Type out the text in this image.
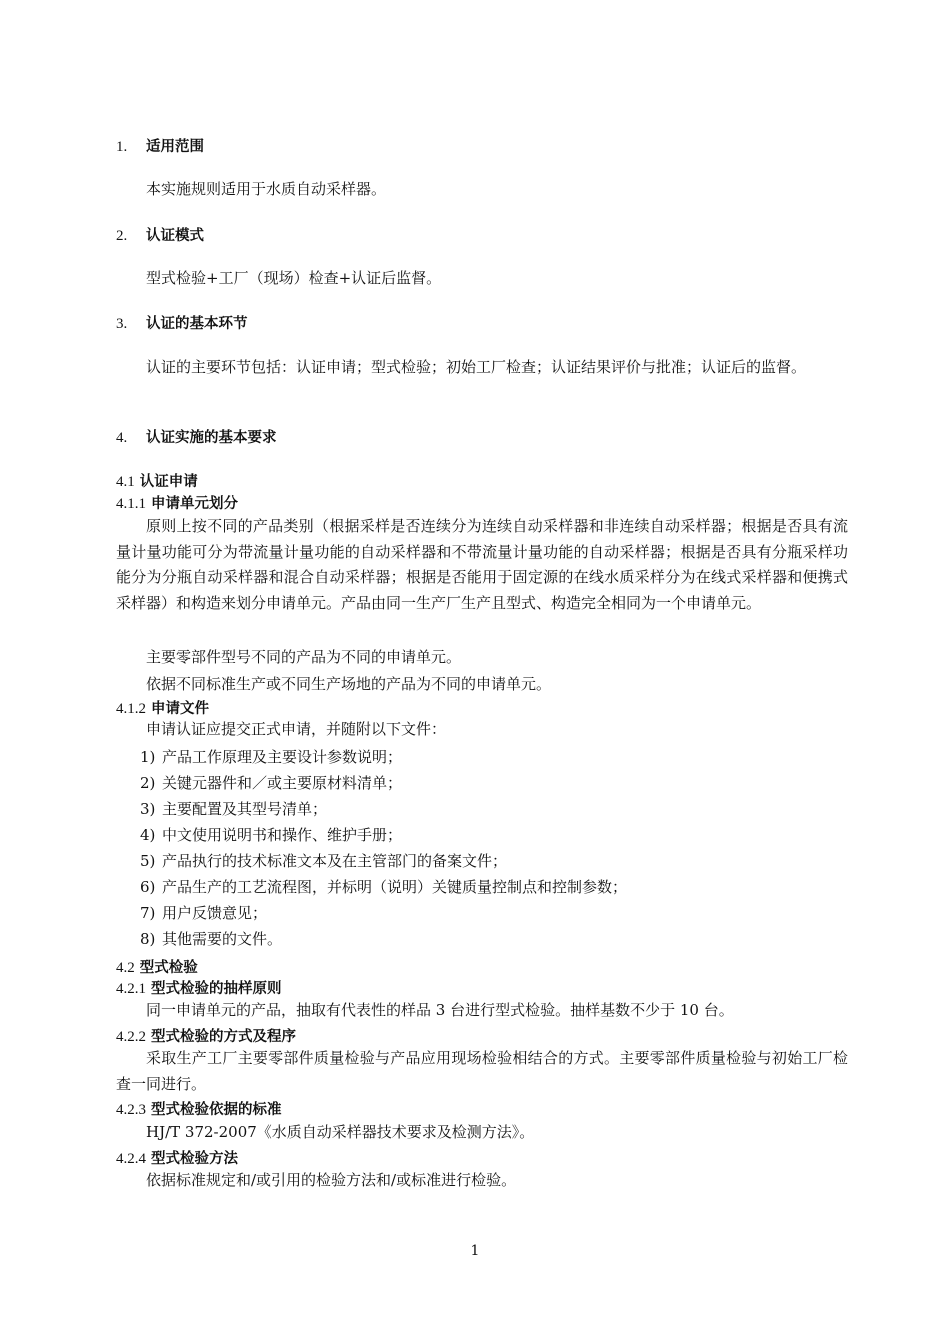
1. 适用范围
本实施规则适用于水质自动采样器。
2. 认证模式
型式检验+工厂（现场）检查+认证后监督。
3. 认证的基本环节
认证的主要环节包括：认证申请；型式检验；初始工厂检查；认证结果评价与批准；认证后的监督。
4. 认证实施的基本要求
4.1 认证申请
4.1.1 申请单元划分
原则上按不同的产品类别（根据采样是否连续分为连续自动采样器和非连续自动采样器；根据是否具有流量计量功能可分为带流量计量功能的自动采样器和不带流量计量功能的自动采样器；根据是否具有分瓶采样功能分为分瓶自动采样器和混合自动采样器；根据是否能用于固定源的在线水质采样分为在线式采样器和便携式采样器）和构造来划分申请单元。产品由同一生产厂生产且型式、构造完全相同为一个申请单元。
主要零部件型号不同的产品为不同的申请单元。
依据不同标准生产或不同生产场地的产品为不同的申请单元。
4.1.2 申请文件
申请认证应提交正式申请，并随附以下文件：
1) 产品工作原理及主要设计参数说明；
2) 关键元器件和／或主要原材料清单；
3) 主要配置及其型号清单；
4) 中文使用说明书和操作、维护手册；
5) 产品执行的技术标准文本及在主管部门的备案文件；
6) 产品生产的工艺流程图，并标明（说明）关键质量控制点和控制参数；
7) 用户反馈意见；
8) 其他需要的文件。
4.2 型式检验
4.2.1 型式检验的抽样原则
同一申请单元的产品，抽取有代表性的样品 3 台进行型式检验。抽样基数不少于 10 台。
4.2.2 型式检验的方式及程序
采取生产工厂主要零部件质量检验与产品应用现场检验相结合的方式。主要零部件质量检验与初始工厂检查一同进行。
4.2.3 型式检验依据的标准
HJ/T 372-2007《水质自动采样器技术要求及检测方法》。
4.2.4 型式检验方法
依据标准规定和/或引用的检验方法和/或标准进行检验。
1
